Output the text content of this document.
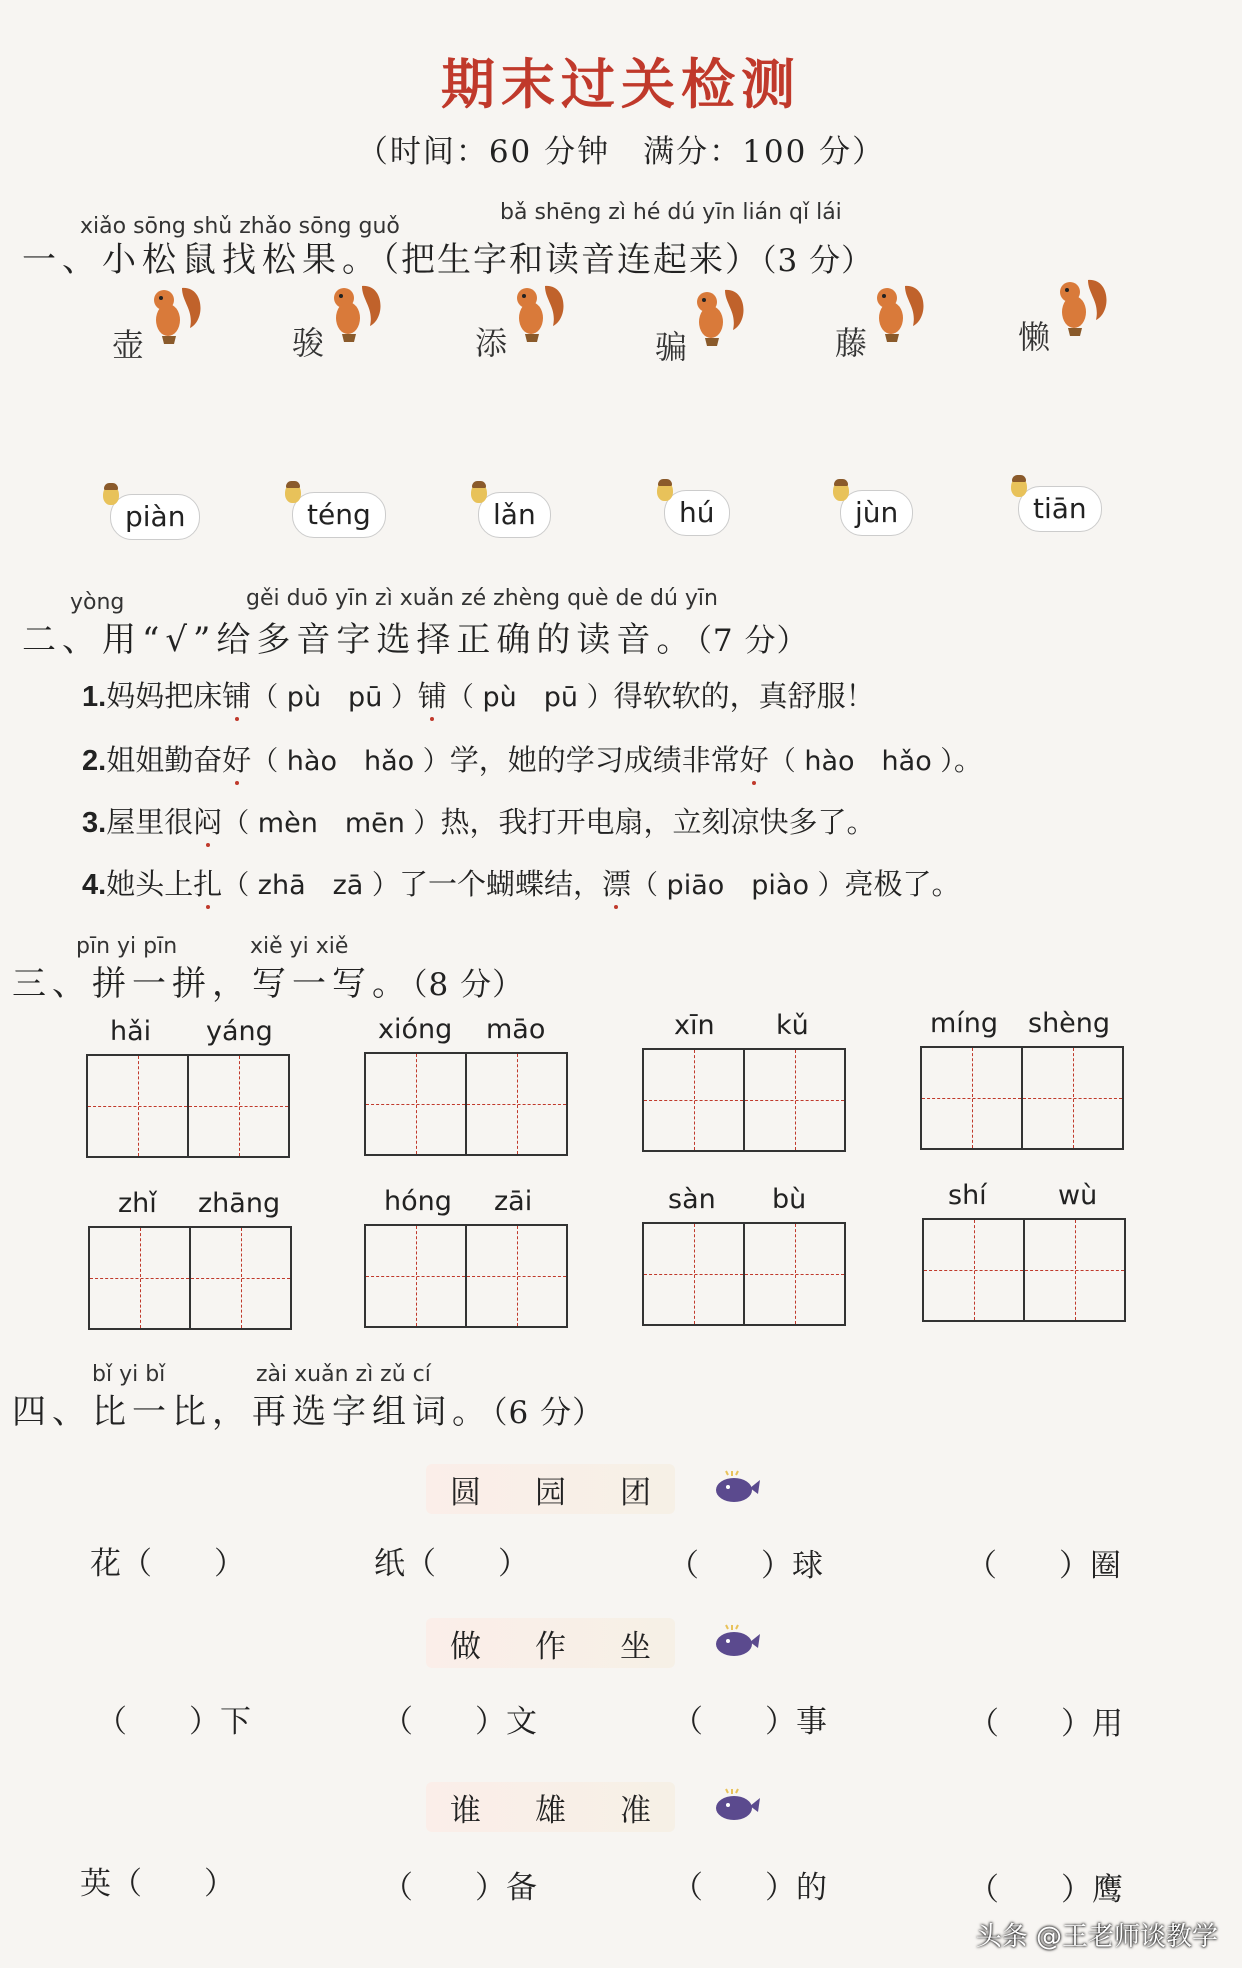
期末过关检测
（时间：60 分钟　满分：100 分）
xiǎo sōng shǔ zhǎo sōng guǒ
bǎ shēng zì hé dú yīn lián qǐ lái
一、小松鼠找松果。（把生字和读音连起来）（3 分）
壶	骏	添	骗	藤	懒
piàn	téng	lǎn	hú	jùn	tiān
yòng	gěi duō yīn zì xuǎn zé zhèng què de dú yīn
二、用“√”给多音字选择正确的读音。（7 分）
1.妈妈把床铺（ pù　pū ）铺（ pù　pū ）得软软的，真舒服！
2.姐姐勤奋好（ hào　hǎo ）学，她的学习成绩非常好（ hào　hǎo ）。
3.屋里很闷（ mèn　mēn ）热，我打开电扇，立刻凉快多了。
4.她头上扎（ zhā　zā ）了一个蝴蝶结，漂（ piāo　piào ）亮极了。
pīn yi pīn	xiě yi xiě
三、拼一拼，写一写。（8 分）
hǎi yáng	xióng māo	xīn kǔ	míng shèng
zhǐ zhāng	hóng zāi	sàn bù	shí	wù
bǐ yi bǐ	zài xuǎn zì zǔ cí
四、比一比，再选字组词。（6 分）
圆 园 团
花（　　）	纸（　　）	（　　）球	（　　）圈
做 作 坐
（　　）下	（　　）文	（　　）事	（　　）用
谁 雄 准
英（　　）	（　　）备	（　　）的	（　　）鹰
头条 @王老师谈教学
